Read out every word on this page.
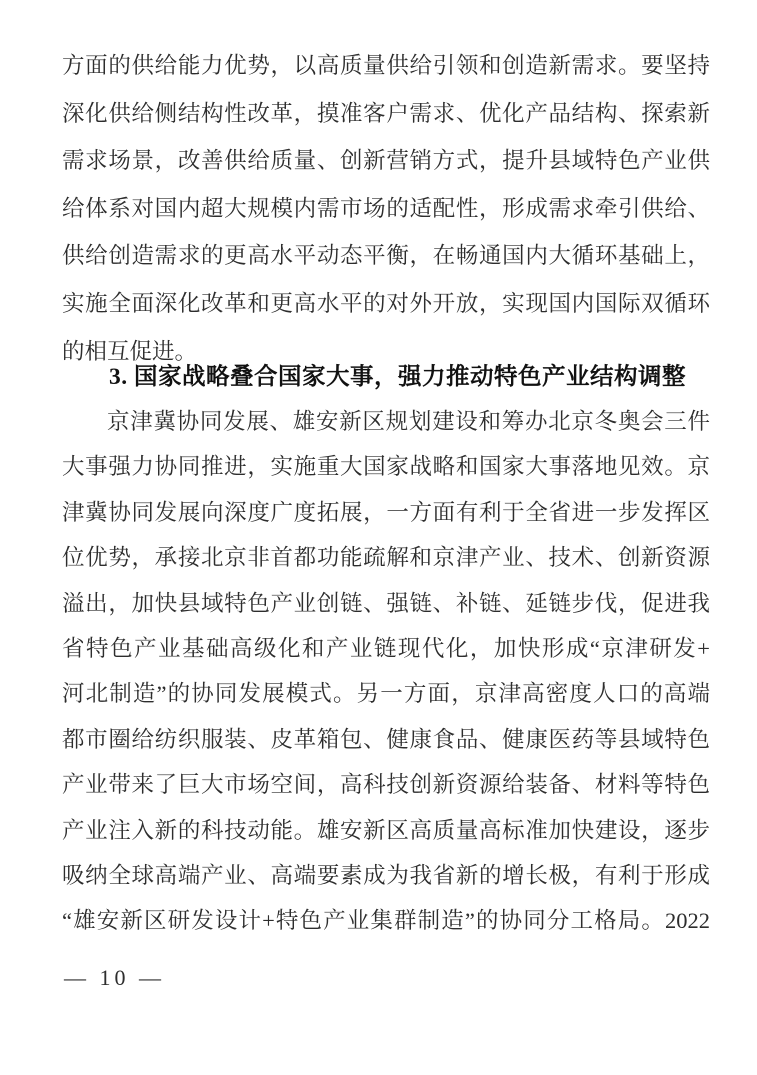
方面的供给能力优势，以高质量供给引领和创造新需求。要坚持
深化供给侧结构性改革，摸准客户需求、优化产品结构、探索新
需求场景，改善供给质量、创新营销方式，提升县域特色产业供
给体系对国内超大规模内需市场的适配性，形成需求牵引供给、
供给创造需求的更高水平动态平衡，在畅通国内大循环基础上，
实施全面深化改革和更高水平的对外开放，实现国内国际双循环
的相互促进。
3. 国家战略叠合国家大事，强力推动特色产业结构调整
京津冀协同发展、雄安新区规划建设和筹办北京冬奥会三件
大事强力协同推进，实施重大国家战略和国家大事落地见效。京
津冀协同发展向深度广度拓展，一方面有利于全省进一步发挥区
位优势，承接北京非首都功能疏解和京津产业、技术、创新资源
溢出，加快县域特色产业创链、强链、补链、延链步伐，促进我
省特色产业基础高级化和产业链现代化，加快形成“京津研发+
河北制造”的协同发展模式。另一方面，京津高密度人口的高端
都市圈给纺织服装、皮革箱包、健康食品、健康医药等县域特色
产业带来了巨大市场空间，高科技创新资源给装备、材料等特色
产业注入新的科技动能。雄安新区高质量高标准加快建设，逐步
吸纳全球高端产业、高端要素成为我省新的增长极，有利于形成
“雄安新区研发设计+特色产业集群制造”的协同分工格局。2022
— 10 —
